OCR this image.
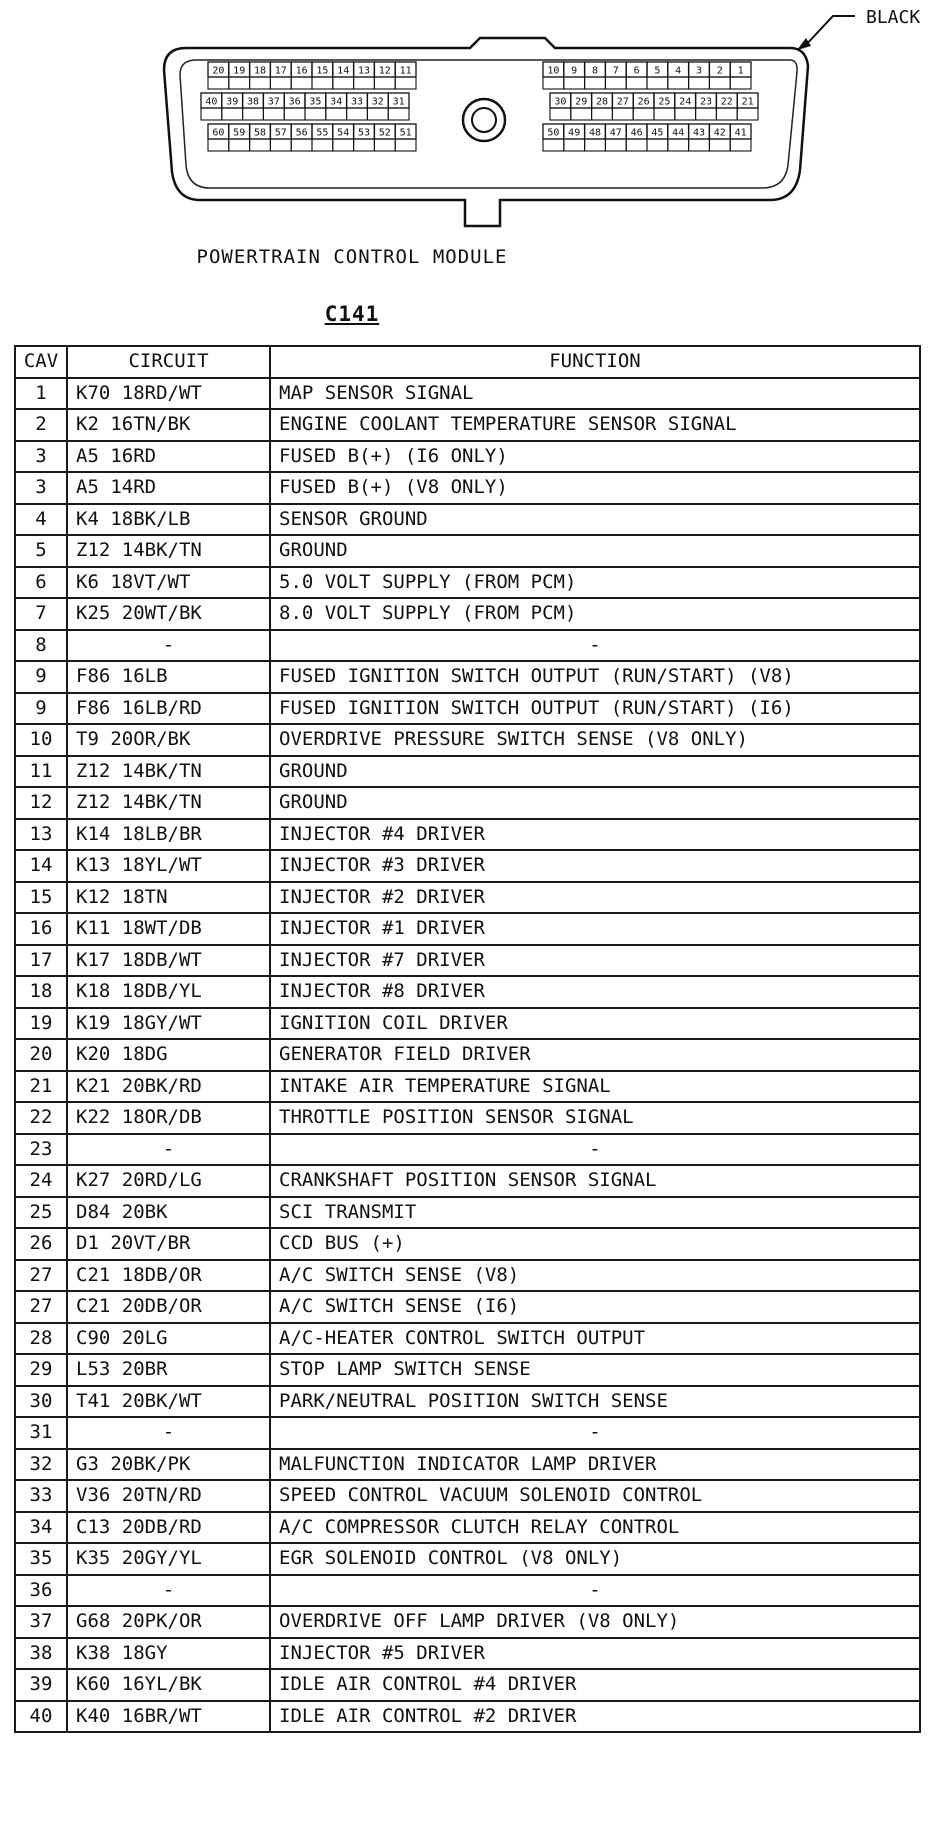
20 19 18 17 16 15 14 13 12 11
40 39 38 37 36 35 34 33 32 31
60 59 58 57 56 55 54 53 52 51
10 9 8 7 6 5 4 3 2 1
30 29 28 27 26 25 24 23 22 21
50 49 48 47 46 45 44 43 42 41
BLACK
POWERTRAIN CONTROL MODULE
C141
CAV	CIRCUIT	FUNCTION
1	K70 18RD/WT	MAP SENSOR SIGNAL
2	K2 16TN/BK	ENGINE COOLANT TEMPERATURE SENSOR SIGNAL
3	A5 16RD	FUSED B(+) (I6 ONLY)
3	A5 14RD	FUSED B(+) (V8 ONLY)
4	K4 18BK/LB	SENSOR GROUND
5	Z12 14BK/TN	GROUND
6	K6 18VT/WT	5.0 VOLT SUPPLY (FROM PCM)
7	K25 20WT/BK	8.0 VOLT SUPPLY (FROM PCM)
8	-	-
9	F86 16LB	FUSED IGNITION SWITCH OUTPUT (RUN/START) (V8)
9	F86 16LB/RD	FUSED IGNITION SWITCH OUTPUT (RUN/START) (I6)
10	T9 20OR/BK	OVERDRIVE PRESSURE SWITCH SENSE (V8 ONLY)
11	Z12 14BK/TN	GROUND
12	Z12 14BK/TN	GROUND
13	K14 18LB/BR	INJECTOR #4 DRIVER
14	K13 18YL/WT	INJECTOR #3 DRIVER
15	K12 18TN	INJECTOR #2 DRIVER
16	K11 18WT/DB	INJECTOR #1 DRIVER
17	K17 18DB/WT	INJECTOR #7 DRIVER
18	K18 18DB/YL	INJECTOR #8 DRIVER
19	K19 18GY/WT	IGNITION COIL DRIVER
20	K20 18DG	GENERATOR FIELD DRIVER
21	K21 20BK/RD	INTAKE AIR TEMPERATURE SIGNAL
22	K22 18OR/DB	THROTTLE POSITION SENSOR SIGNAL
23	-	-
24	K27 20RD/LG	CRANKSHAFT POSITION SENSOR SIGNAL
25	D84 20BK	SCI TRANSMIT
26	D1 20VT/BR	CCD BUS (+)
27	C21 18DB/OR	A/C SWITCH SENSE (V8)
27	C21 20DB/OR	A/C SWITCH SENSE (I6)
28	C90 20LG	A/C-HEATER CONTROL SWITCH OUTPUT
29	L53 20BR	STOP LAMP SWITCH SENSE
30	T41 20BK/WT	PARK/NEUTRAL POSITION SWITCH SENSE
31	-	-
32	G3 20BK/PK	MALFUNCTION INDICATOR LAMP DRIVER
33	V36 20TN/RD	SPEED CONTROL VACUUM SOLENOID CONTROL
34	C13 20DB/RD	A/C COMPRESSOR CLUTCH RELAY CONTROL
35	K35 20GY/YL	EGR SOLENOID CONTROL (V8 ONLY)
36	-	-
37	G68 20PK/OR	OVERDRIVE OFF LAMP DRIVER (V8 ONLY)
38	K38 18GY	INJECTOR #5 DRIVER
39	K60 16YL/BK	IDLE AIR CONTROL #4 DRIVER
40	K40 16BR/WT	IDLE AIR CONTROL #2 DRIVER
